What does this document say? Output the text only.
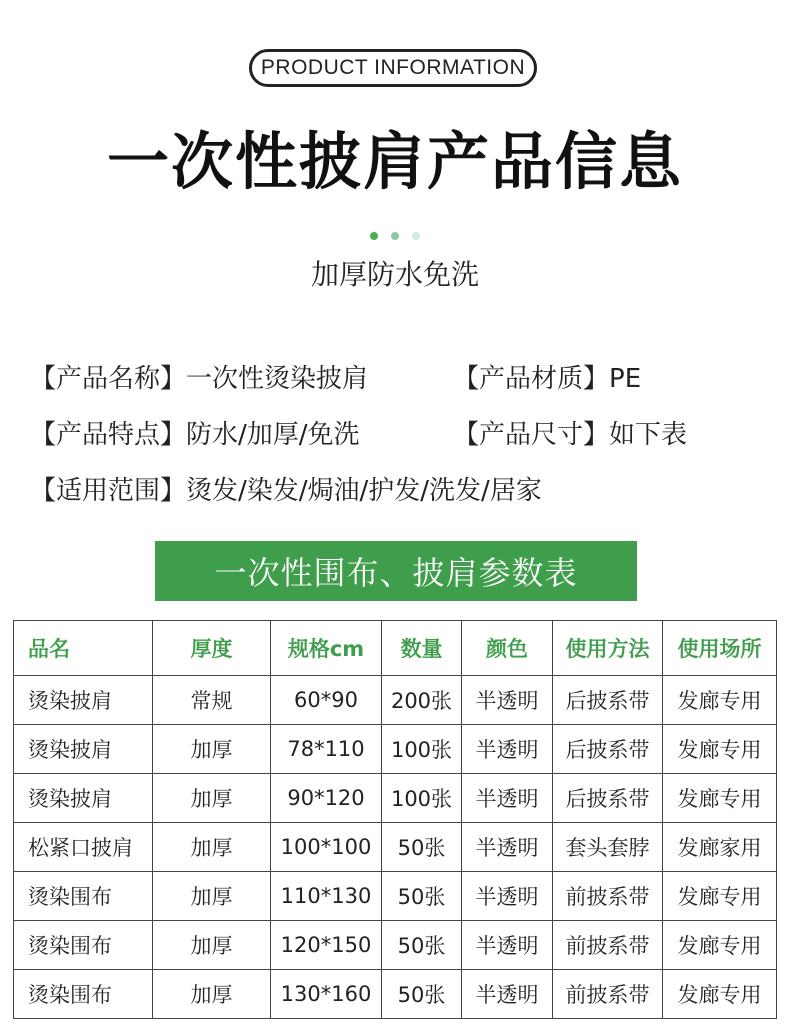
PRODUCT INFORMATION
一次性披肩产品信息
加厚防水免洗
【产品名称】一次性烫染披肩	【产品材质】PE
【产品特点】防水/加厚/免洗	【产品尺寸】如下表
【适用范围】烫发/染发/焗油/护发/洗发/居家
一次性围布、披肩参数表
品名	厚度	规格cm	数量	颜色	使用方法	使用场所
烫染披肩	常规	60*90	200张	半透明	后披系带	发廊专用
烫染披肩	加厚	78*110	100张	半透明	后披系带	发廊专用
烫染披肩	加厚	90*120	100张	半透明	后披系带	发廊专用
松紧口披肩	加厚	100*100	50张	半透明	套头套脖	发廊家用
烫染围布	加厚	110*130	50张	半透明	前披系带	发廊专用
烫染围布	加厚	120*150	50张	半透明	前披系带	发廊专用
烫染围布	加厚	130*160	50张	半透明	前披系带	发廊专用
